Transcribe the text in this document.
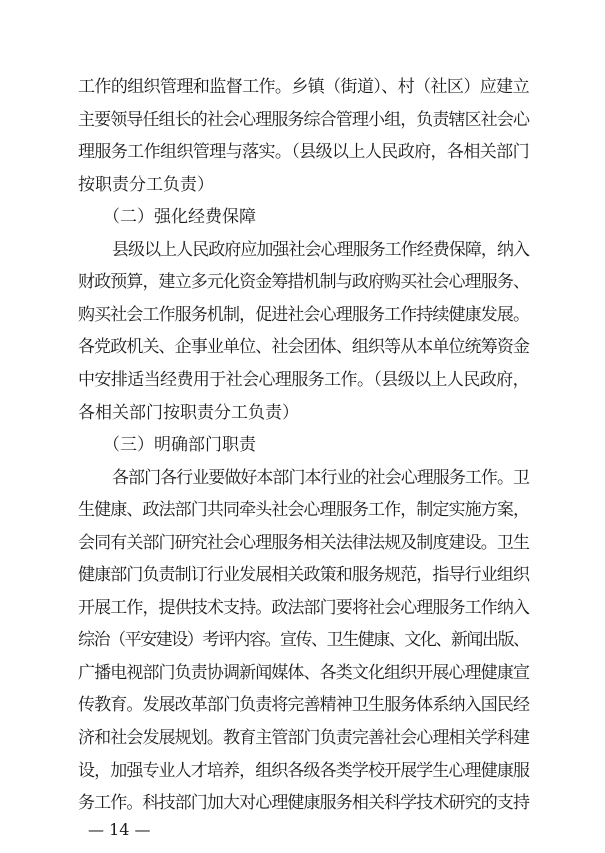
工作的组织管理和监督工作。乡镇（街道）、村（社区）应建立
主要领导任组长的社会心理服务综合管理小组，负责辖区社会心
理服务工作组织管理与落实。（县级以上人民政府，各相关部门
按职责分工负责）
（二）强化经费保障
县级以上人民政府应加强社会心理服务工作经费保障，纳入
财政预算，建立多元化资金筹措机制与政府购买社会心理服务、
购买社会工作服务机制，促进社会心理服务工作持续健康发展。
各党政机关、企事业单位、社会团体、组织等从本单位统筹资金
中安排适当经费用于社会心理服务工作。（县级以上人民政府，
各相关部门按职责分工负责）
（三）明确部门职责
各部门各行业要做好本部门本行业的社会心理服务工作。卫
生健康、政法部门共同牵头社会心理服务工作，制定实施方案，
会同有关部门研究社会心理服务相关法律法规及制度建设。卫生
健康部门负责制订行业发展相关政策和服务规范，指导行业组织
开展工作，提供技术支持。政法部门要将社会心理服务工作纳入
综治（平安建设）考评内容。宣传、卫生健康、文化、新闻出版、
广播电视部门负责协调新闻媒体、各类文化组织开展心理健康宣
传教育。发展改革部门负责将完善精神卫生服务体系纳入国民经
济和社会发展规划。教育主管部门负责完善社会心理相关学科建
设，加强专业人才培养，组织各级各类学校开展学生心理健康服
务工作。科技部门加大对心理健康服务相关科学技术研究的支持
— 14 —
